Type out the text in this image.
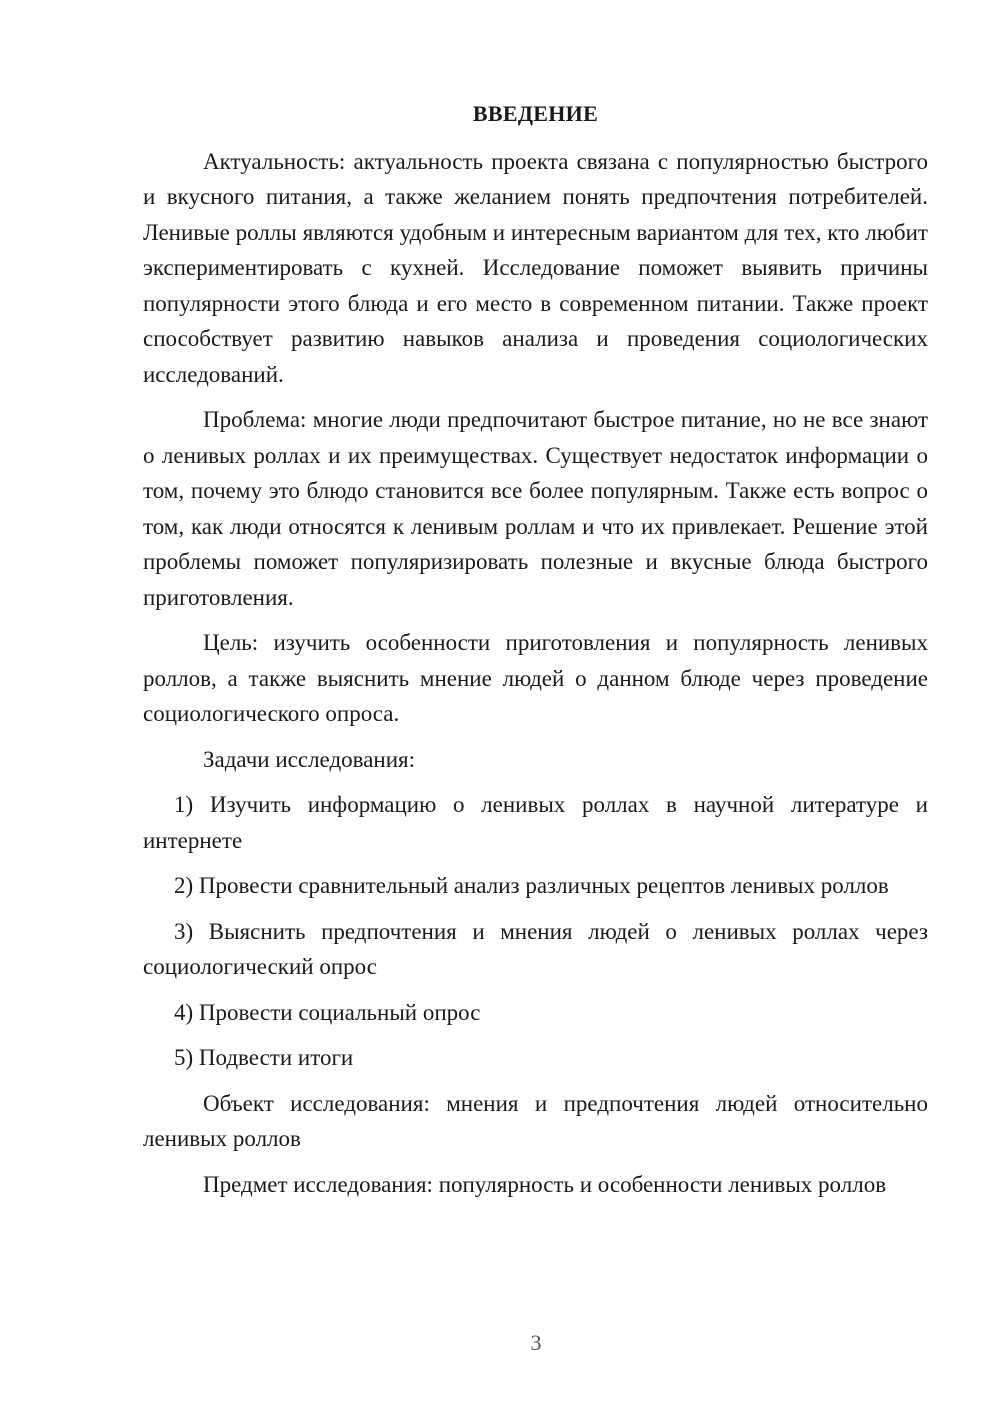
ВВЕДЕНИЕ

Актуальность: актуальность проекта связана с популярностью быстрого и вкусного питания, а также желанием понять предпочтения потребителей. Ленивые роллы являются удобным и интересным вариантом для тех, кто любит экспериментировать с кухней. Исследование поможет выявить причины популярности этого блюда и его место в современном питании. Также проект способствует развитию навыков анализа и проведения социологических исследований.

Проблема: многие люди предпочитают быстрое питание, но не все знают о ленивых роллах и их преимуществах. Существует недостаток информации о том, почему это блюдо становится все более популярным. Также есть вопрос о том, как люди относятся к ленивым роллам и что их привлекает. Решение этой проблемы поможет популяризировать полезные и вкусные блюда быстрого приготовления.

Цель: изучить особенности приготовления и популярность ленивых роллов, а также выяснить мнение людей о данном блюде через проведение социологического опроса.

Задачи исследования:

1) Изучить информацию о ленивых роллах в научной литературе и интернете

2) Провести сравнительный анализ различных рецептов ленивых роллов

3) Выяснить предпочтения и мнения людей о ленивых роллах через социологический опрос

4) Провести социальный опрос

5) Подвести итоги

Объект исследования: мнения и предпочтения людей относительно ленивых роллов

Предмет исследования: популярность и особенности ленивых роллов

3
